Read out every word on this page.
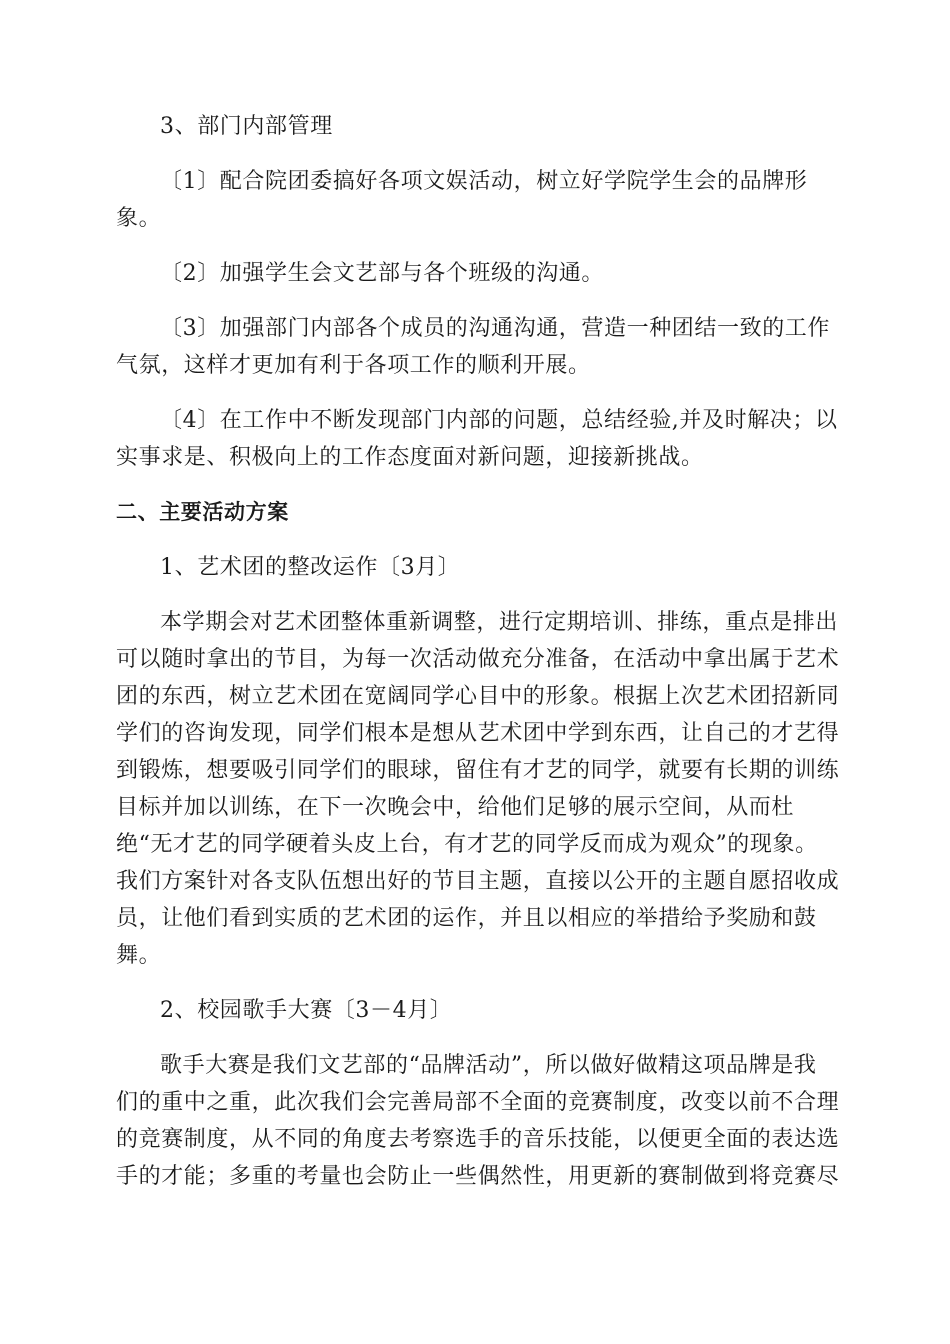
3、部门内部管理
〔1〕配合院团委搞好各项文娱活动，树立好学院学生会的品牌形
象。
〔2〕加强学生会文艺部与各个班级的沟通。
〔3〕加强部门内部各个成员的沟通沟通，营造一种团结一致的工作
气氛，这样才更加有利于各项工作的顺利开展。
〔4〕在工作中不断发现部门内部的问题，总结经验,并及时解决；以
实事求是、积极向上的工作态度面对新问题，迎接新挑战。
二、主要活动方案
1、艺术团的整改运作〔3月〕
本学期会对艺术团整体重新调整，进行定期培训、排练，重点是排出
可以随时拿出的节目，为每一次活动做充分准备，在活动中拿出属于艺术
团的东西，树立艺术团在宽阔同学心目中的形象。根据上次艺术团招新同
学们的咨询发现，同学们根本是想从艺术团中学到东西，让自己的才艺得
到锻炼，想要吸引同学们的眼球，留住有才艺的同学，就要有长期的训练
目标并加以训练，在下一次晚会中，给他们足够的展示空间，从而杜
绝“无才艺的同学硬着头皮上台，有才艺的同学反而成为观众”的现象。
我们方案针对各支队伍想出好的节目主题，直接以公开的主题自愿招收成
员，让他们看到实质的艺术团的运作，并且以相应的举措给予奖励和鼓
舞。
2、校园歌手大赛〔3－4月〕
歌手大赛是我们文艺部的“品牌活动”，所以做好做精这项品牌是我
们的重中之重，此次我们会完善局部不全面的竞赛制度，改变以前不合理
的竞赛制度，从不同的角度去考察选手的音乐技能，以便更全面的表达选
手的才能；多重的考量也会防止一些偶然性，用更新的赛制做到将竞赛尽
